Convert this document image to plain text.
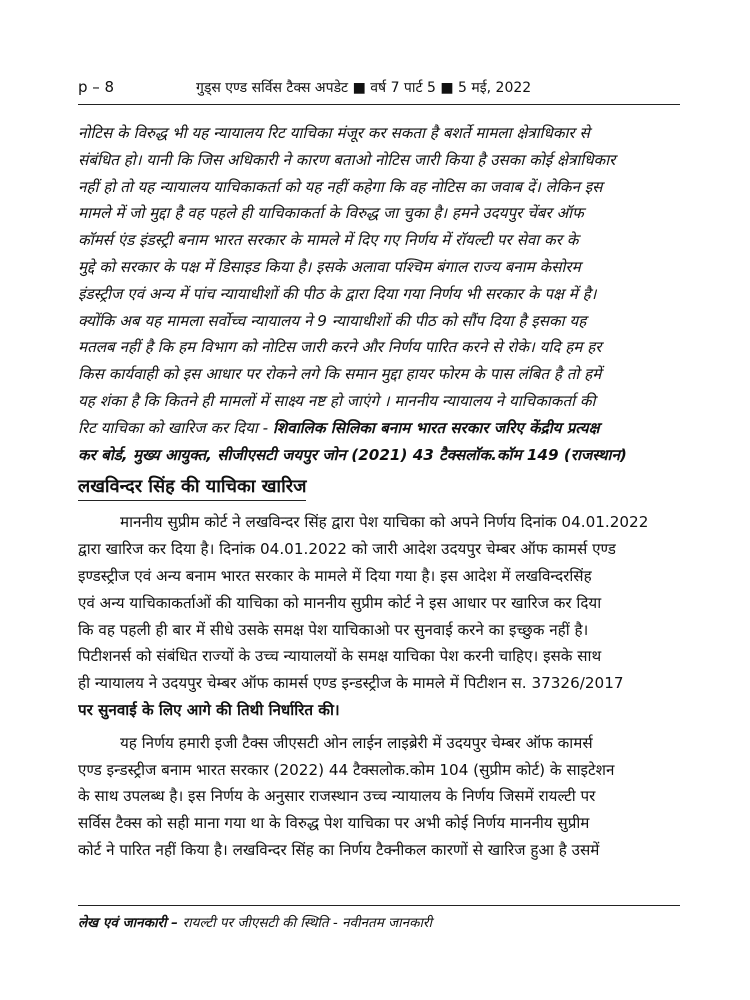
p – 8	गुड्स एण्ड सर्विस टैक्स अपडेट ■ वर्ष 7 पार्ट 5 ■ 5 मई, 2022
नोटिस के विरुद्ध भी यह न्यायालय रिट याचिका मंजूर कर सकता है बशर्ते मामला क्षेत्राधिकार से
संबंधित हो। यानी कि जिस अधिकारी ने कारण बताओ नोटिस जारी किया है उसका कोई क्षेत्राधिकार
नहीं हो तो यह न्यायालय याचिकाकर्ता को यह नहीं कहेगा कि वह नोटिस का जवाब दें। लेकिन इस
मामले में जो मुद्दा है वह पहले ही याचिकाकर्ता के विरुद्ध जा चुका है। हमने उदयपुर चेंबर ऑफ
कॉमर्स एंड इंडस्ट्री बनाम भारत सरकार के मामले में दिए गए निर्णय में रॉयल्टी पर सेवा कर के
मुद्दे को सरकार के पक्ष में डिसाइड किया है। इसके अलावा पश्चिम बंगाल राज्य बनाम केसोरम
इंडस्ट्रीज एवं अन्य में पांच न्यायाधीशों की पीठ के द्वारा दिया गया निर्णय भी सरकार के पक्ष में है।
क्योंकि अब यह मामला सर्वोच्च न्यायालय ने 9 न्यायाधीशों की पीठ को सौंप दिया है इसका यह
मतलब नहीं है कि हम विभाग को नोटिस जारी करने और निर्णय पारित करने से रोके। यदि हम हर
किस कार्यवाही को इस आधार पर रोकने लगे कि समान मुद्दा हायर फोरम के पास लंबित है तो हमें
यह शंका है कि कितने ही मामलों में साक्ष्य नष्ट हो जाएंगे । माननीय न्यायालय ने याचिकाकर्ता की
रिट याचिका को खारिज कर दिया - शिवालिक सिलिका बनाम भारत सरकार जरिए केंद्रीय प्रत्यक्ष
कर बोर्ड, मुख्य आयुक्त, सीजीएसटी जयपुर जोन (2021) 43 टैक्सलॉक.कॉम 149 (राजस्थान)
लखविन्दर सिंह की याचिका खारिज
माननीय सुप्रीम कोर्ट ने लखविन्दर सिंह द्वारा पेश याचिका को अपने निर्णय दिनांक 04.01.2022
द्वारा खारिज कर दिया है। दिनांक 04.01.2022 को जारी आदेश उदयपुर चेम्बर ऑफ कामर्स एण्ड
इण्डस्ट्रीज एवं अन्य बनाम भारत सरकार के मामले में दिया गया है। इस आदेश में लखविन्दरसिंह
एवं अन्य याचिकाकर्ताओं की याचिका को माननीय सुप्रीम कोर्ट ने इस आधार पर खारिज कर दिया
कि वह पहली ही बार में सीधे उसके समक्ष पेश याचिकाओ पर सुनवाई करने का इच्छुक नहीं है।
पिटीशनर्स को संबंधित राज्यों के उच्च न्यायालयों के समक्ष याचिका पेश करनी चाहिए। इसके साथ
ही न्यायालय ने उदयपुर चेम्बर ऑफ कामर्स एण्ड इन्डस्ट्रीज के मामले में पिटीशन स. 37326/2017
पर सुनवाई के लिए आगे की तिथी निर्धारित की।
यह निर्णय हमारी इजी टैक्स जीएसटी ओन लाईन लाइब्रेरी में उदयपुर चेम्बर ऑफ कामर्स
एण्ड इन्डस्ट्रीज बनाम भारत सरकार (2022) 44 टैक्सलोक.कोम 104 (सुप्रीम कोर्ट) के साइटेशन
के साथ उपलब्ध है। इस निर्णय के अनुसार राजस्थान उच्च न्यायालय के निर्णय जिसमें रायल्टी पर
सर्विस टैक्स को सही माना गया था के विरुद्ध पेश याचिका पर अभी कोई निर्णय माननीय सुप्रीम
कोर्ट ने पारित नहीं किया है। लखविन्दर सिंह का निर्णय टैक्नीकल कारणों से खारिज हुआ है उसमें
लेख एवं जानकारी – रायल्टी पर जीएसटी की स्थिति - नवीनतम जानकारी
